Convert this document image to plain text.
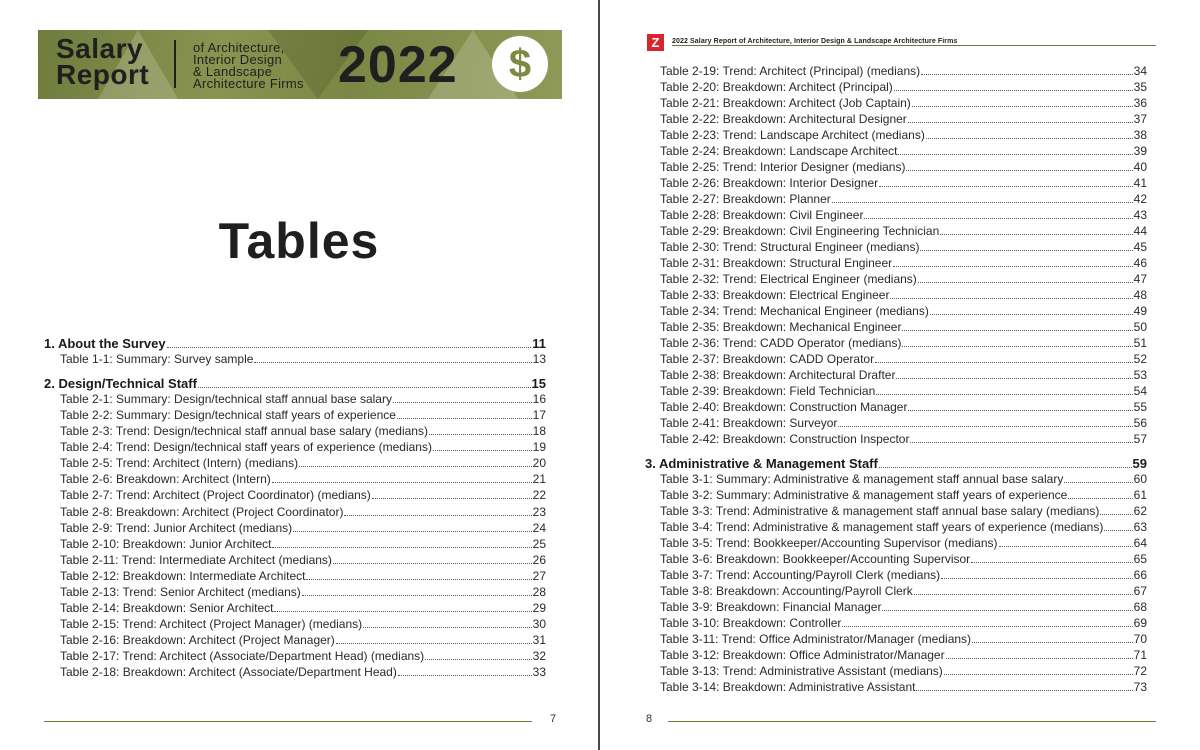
Salary
Report
of Architecture,
Interior Design
& Landscape
Architecture Firms 2022	$
Tables
1. About the Survey	11
Table 1-1: Summary: Survey sample	13
2. Design/Technical Staff	15
Table 2-1: Summary: Design/technical staff annual base salary	16
Table 2-2: Summary: Design/technical staff years of experience	17
Table 2-3: Trend: Design/technical staff annual base salary (medians)	18
Table 2-4: Trend: Design/technical staff years of experience (medians)	19
Table 2-5: Trend: Architect (Intern) (medians)	20
Table 2-6: Breakdown: Architect (Intern)	21
Table 2-7: Trend: Architect (Project Coordinator) (medians)	22
Table 2-8: Breakdown: Architect (Project Coordinator)	23
Table 2-9: Trend: Junior Architect (medians)	24
Table 2-10: Breakdown: Junior Architect	25
Table 2-11: Trend: Intermediate Architect (medians)	26
Table 2-12: Breakdown: Intermediate Architect	27
Table 2-13: Trend: Senior Architect (medians)	28
Table 2-14: Breakdown: Senior Architect	29
Table 2-15: Trend: Architect (Project Manager) (medians)	30
Table 2-16: Breakdown: Architect (Project Manager)	31
Table 2-17: Trend: Architect (Associate/Department Head) (medians)	32
Table 2-18: Breakdown: Architect (Associate/Department Head)	33
7
Z	2022 Salary Report of Architecture, Interior Design & Landscape Architecture Firms
Table 2-19: Trend: Architect (Principal) (medians)	34
Table 2-20: Breakdown: Architect (Principal)	35
Table 2-21: Breakdown: Architect (Job Captain)	36
Table 2-22: Breakdown: Architectural Designer	37
Table 2-23: Trend: Landscape Architect (medians)	38
Table 2-24: Breakdown: Landscape Architect	39
Table 2-25: Trend: Interior Designer (medians)	40
Table 2-26: Breakdown: Interior Designer	41
Table 2-27: Breakdown: Planner	42
Table 2-28: Breakdown: Civil Engineer	43
Table 2-29: Breakdown: Civil Engineering Technician	44
Table 2-30: Trend: Structural Engineer (medians)	45
Table 2-31: Breakdown: Structural Engineer	46
Table 2-32: Trend: Electrical Engineer (medians)	47
Table 2-33: Breakdown: Electrical Engineer	48
Table 2-34: Trend: Mechanical Engineer (medians)	49
Table 2-35: Breakdown: Mechanical Engineer	50
Table 2-36: Trend: CADD Operator (medians)	51
Table 2-37: Breakdown: CADD Operator	52
Table 2-38: Breakdown: Architectural Drafter	53
Table 2-39: Breakdown: Field Technician	54
Table 2-40: Breakdown: Construction Manager	55
Table 2-41: Breakdown: Surveyor	56
Table 2-42: Breakdown: Construction Inspector	57
3. Administrative & Management Staff	59
Table 3-1: Summary: Administrative & management staff annual base salary	60
Table 3-2: Summary: Administrative & management staff years of experience	61
Table 3-3: Trend: Administrative & management staff annual base salary (medians)	62
Table 3-4: Trend: Administrative & management staff years of experience (medians)	63
Table 3-5: Trend: Bookkeeper/Accounting Supervisor (medians)	64
Table 3-6: Breakdown: Bookkeeper/Accounting Supervisor	65
Table 3-7: Trend: Accounting/Payroll Clerk (medians)	66
Table 3-8: Breakdown: Accounting/Payroll Clerk	67
Table 3-9: Breakdown: Financial Manager	68
Table 3-10: Breakdown: Controller	69
Table 3-11: Trend: Office Administrator/Manager (medians)	70
Table 3-12: Breakdown: Office Administrator/Manager	71
Table 3-13: Trend: Administrative Assistant (medians)	72
Table 3-14: Breakdown: Administrative Assistant	73
8
